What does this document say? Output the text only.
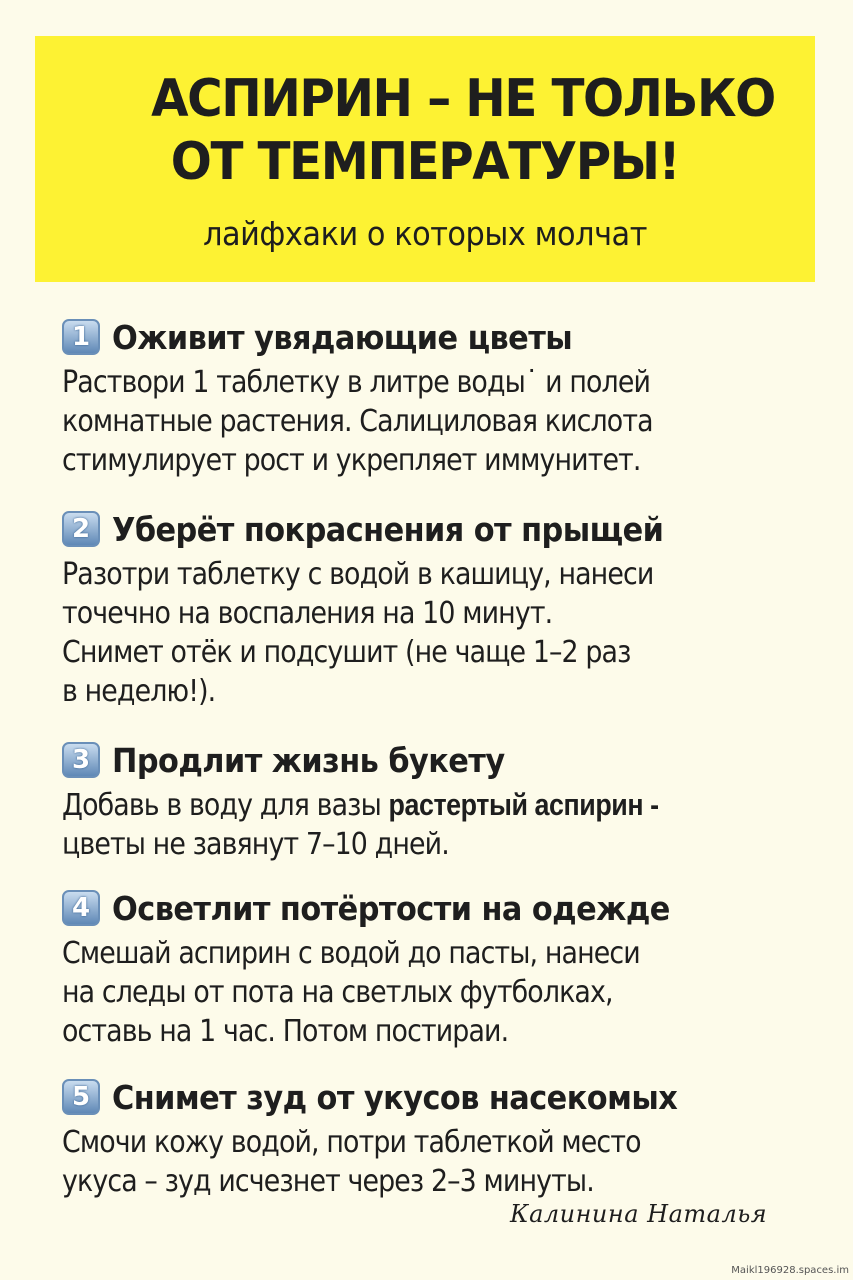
АСПИРИН – НЕ ТОЛЬКО
ОТ ТЕМПЕРАТУРЫ!
лайфхаки о которых молчат
1 Оживит увядающие цветы
Раствори 1 таблетку в литре воды˙ и полей
комнатные растения. Салициловая кислота
стимулирует рост и укрепляет иммунитет.
2 Уберёт покраснения от прыщей
Разотри таблетку с водой в кашицу, нанеси
точечно на воспаления на 10 минут.
Снимет отёк и подсушит (не чаще 1–2 раз
в неделю!).
3 Продлит жизнь букету
Добавь в воду для вазы растертый аспирин -
цветы не завянут 7–10 дней.
4 Осветлит потёртости на одежде
Смешай аспирин с водой до пасты, нанеси
на следы от пота на светлых футболках,
оставь на 1 час. Потом постираи.
5 Снимет зуд от укусов насекомых
Смочи кожу водой, потри таблеткой место
укуса – зуд исчезнет через 2–3 минуты.
Калинина Наталья
Maikl196928.spaces.im
